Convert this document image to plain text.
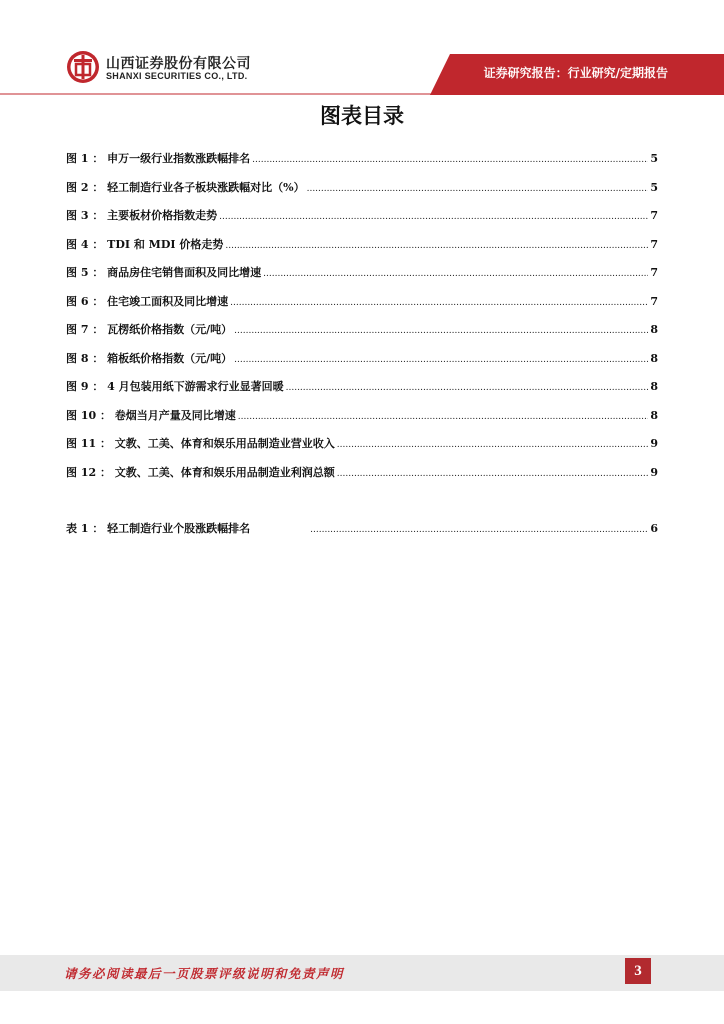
山西证券股份有限公司
SHANXI SECURITIES CO., LTD.	证券研究报告：行业研究/定期报告
图表目录
图 1 ： 申万一级行业指数涨跌幅排名 .....	5
图 2 ： 轻工制造行业各子板块涨跌幅对比（%） .....	5
图 3 ： 主要板材价格指数走势 .....	7
图 4 ： TDI 和 MDI 价格走势 .....	7
图 5 ： 商品房住宅销售面积及同比增速 .....	7
图 6 ： 住宅竣工面积及同比增速 .....	7
图 7 ： 瓦楞纸价格指数（元/吨） .....	8
图 8 ： 箱板纸价格指数（元/吨） .....	8
图 9 ： 4 月包装用纸下游需求行业显著回暖 .....	8
图 10 ： 卷烟当月产量及同比增速 .....	8
图 11 ： 文教、工美、体育和娱乐用品制造业营业收入 .....	9
图 12 ： 文教、工美、体育和娱乐用品制造业利润总额 .....	9
表 1 ： 轻工制造行业个股涨跌幅排名 .....	6
请务必阅读最后一页股票评级说明和免责声明	3
